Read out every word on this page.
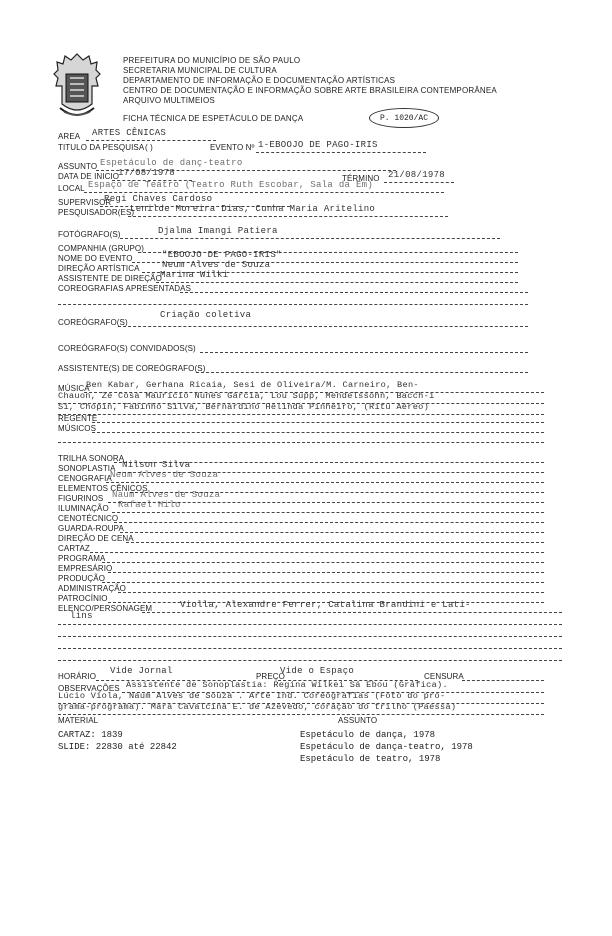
PREFEITURA DO MUNICÍPIO DE SÃO PAULO
SECRETARIA MUNICIPAL DE CULTURA
DEPARTAMENTO DE INFORMAÇÃO E DOCUMENTAÇÃO ARTÍSTICAS
CENTRO DE DOCUMENTAÇÃO E INFORMAÇÃO SOBRE ARTE BRASILEIRA CONTEMPORÂNEA
ARQUIVO MULTIMEIOS
FICHA TÉCNICA DE ESPETÁCULO DE DANÇA	P. 1020/AC
AREA ARTES CÊNICAS
TITULO DA PESQUISA ( )	EVENTO Nº 1-EBOOJO DE PAGO-IRIS
ASSUNTO Espetáculo de danç-teatro
DATA DE INICIO
17/08/1978
TÉRMINO 21/08/1978
LOCAL Espaço de Teatro (Teatro Ruth Escobar, Sala da Em)
SUPERVISOR
Regi Chaves Cardoso
PESQUISADOR(ES)
Lenilde Moreira Dias, Cunha Maria Aritelino
FOTÓGRAFO(S)	Djalma Imangi Patiera
COMPANHIA (GRUPO)
NOME DO EVENTO	"EBOOJO DE PAGO-IRIS"
DIREÇÃO ARTÍSTICA Neum Alves de Souza
ASSISTENTE DE DIREÇÃO
Marina Wilki
COREOGRAFIAS APRESENTADAS
COREÓGRAFO(S)
Criação coletiva
COREÓGRAFO(S) CONVIDADOS(S)
ASSISTENTE(S) DE COREÓGRAFO(S)
MÚSICA
Ben Kabar, Gerhana Ricaia, Sesi de Oliveira/M. Carneiro, Ben-
Chauon, Ze Cosa Mauricio Nunes Garcia, Lou Supp, Mendelssohn, Bacch-i
Si, Chopin, Fabinho Silva, Bernardino Helinda Pinheiro, (Ritu Aéreo)
REGENTE
MÚSICOS
TRILHA SONORA
SONOPLASTIA Nilson Silva
CENOGRAFIA
Neum Alves de Souza
ELEMENTOS CÊNICOS
FIGURINOS Naum Alves de Souza
ILUMINAÇÃO Rafael Hilo
CENOTÉCNICO
GUARDA-ROUPA
DIREÇÃO DE CENA
CARTAZ
PROGRAMA
EMPRESÁRIO
PRODUÇÃO
ADMINISTRAÇÃO
PATROCÍNIO
ELENCO/PERSONAGEM	Violla, Alexandre Ferrer, Catalina Brandini e Lati-
lins
HORÁRIO
Vide Jornal
PREÇO
Vide o Espaço
CENSURA
OBSERVAÇÕES Assistente de Sonoplastia: Regina Wilkei Sá Ebou (Gráfica).
Lúcio Viola, Naum Alves de Souza . Arte Ind. Coreografias (Foto do pro-
grama-programa). Mara Cavalcina E. de Azevedo, coração do trilho (Paessa)
MATERIAL	ASSUNTO
CARTAZ: 1839
SLIDE: 22830 até 22842
Espetáculo de dança, 1978
Espetáculo de dança-teatro, 1978
Espetáculo de teatro, 1978
